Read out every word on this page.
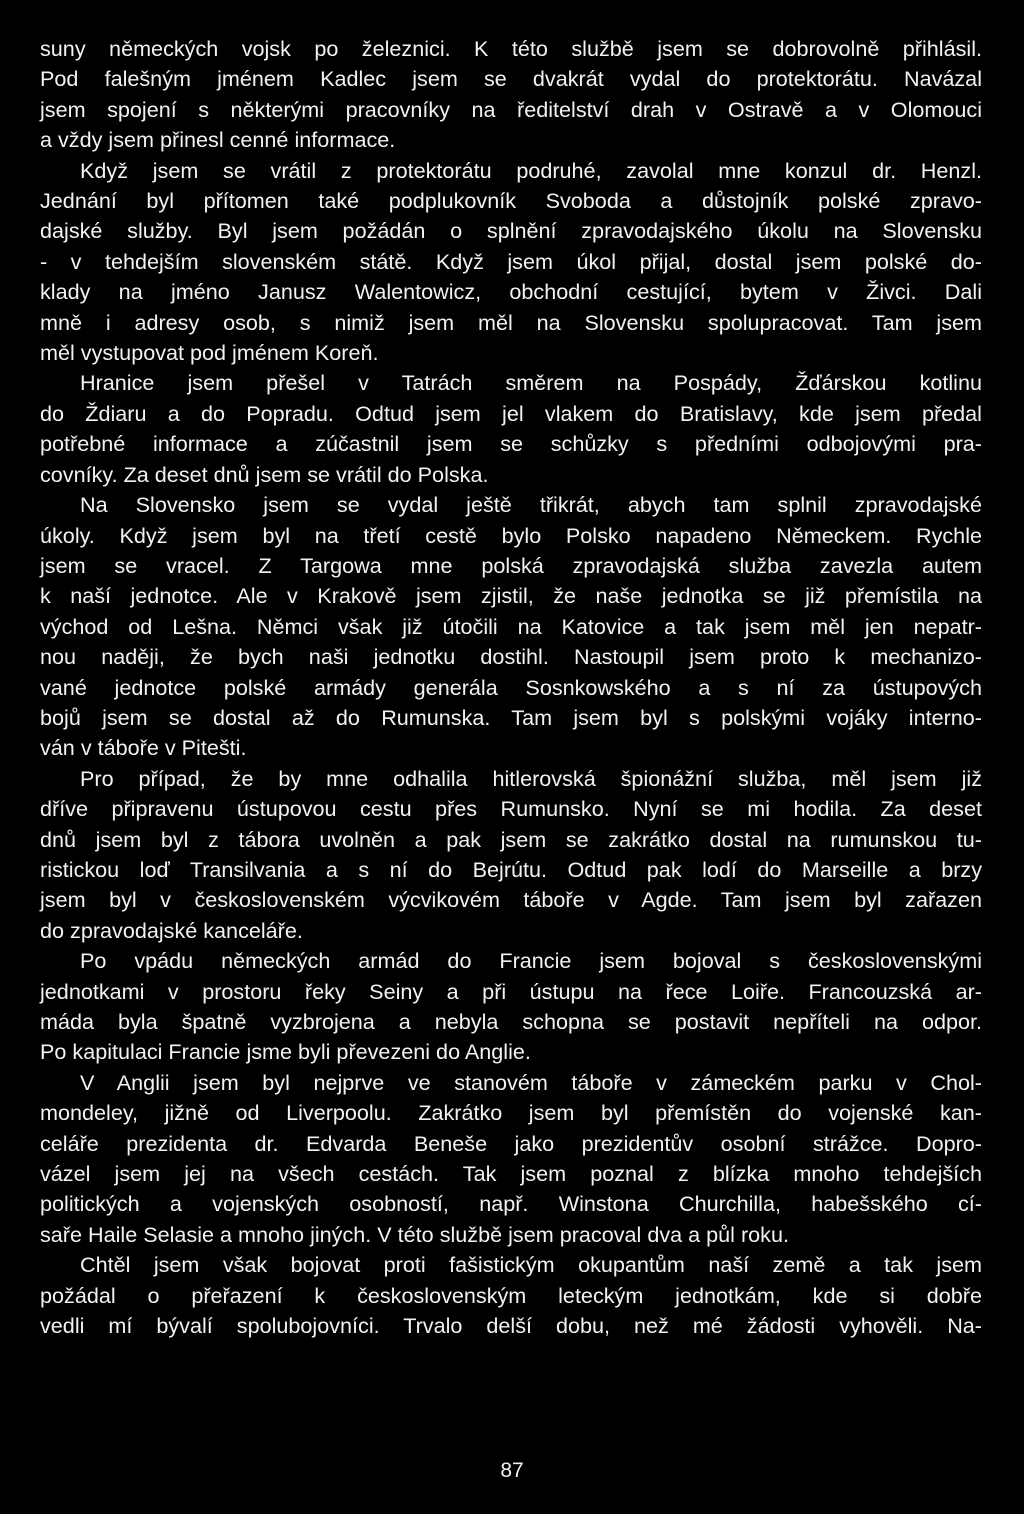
suny německých vojsk po železnici. K této službě jsem se dobrovolně přihlásil.
Pod falešným jménem Kadlec jsem se dvakrát vydal do protektorátu. Navázal
jsem spojení s některými pracovníky na ředitelství drah v Ostravě a v Olomouci
a vždy jsem přinesl cenné informace.
Když jsem se vrátil z protektorátu podruhé, zavolal mne konzul dr. Henzl.
Jednání byl přítomen také podplukovník Svoboda a důstojník polské zpravo-
dajské služby. Byl jsem požádán o splnění zpravodajského úkolu na Slovensku
- v tehdejším slovenském státě. Když jsem úkol přijal, dostal jsem polské do-
klady na jméno Janusz Walentowicz, obchodní cestující, bytem v Živci. Dali
mně i adresy osob, s nimiž jsem měl na Slovensku spolupracovat. Tam jsem
měl vystupovat pod jménem Koreň.
Hranice jsem přešel v Tatrách směrem na Pospády, Žďárskou kotlinu
do Ždiaru a do Popradu. Odtud jsem jel vlakem do Bratislavy, kde jsem předal
potřebné informace a zúčastnil jsem se schůzky s předními odbojovými pra-
covníky. Za deset dnů jsem se vrátil do Polska.
Na Slovensko jsem se vydal ještě třikrát, abych tam splnil zpravodajské
úkoly. Když jsem byl na třetí cestě bylo Polsko napadeno Německem. Rychle
jsem se vracel. Z Targowa mne polská zpravodajská služba zavezla autem
k naší jednotce. Ale v Krakově jsem zjistil, že naše jednotka se již přemístila na
východ od Lešna. Němci však již útočili na Katovice a tak jsem měl jen nepatr-
nou naději, že bych naši jednotku dostihl. Nastoupil jsem proto k mechanizo-
vané jednotce polské armády generála Sosnkowského a s ní za ústupových
bojů jsem se dostal až do Rumunska. Tam jsem byl s polskými vojáky interno-
ván v táboře v Pitešti.
Pro případ, že by mne odhalila hitlerovská špionážní služba, měl jsem již
dříve připravenu ústupovou cestu přes Rumunsko. Nyní se mi hodila. Za deset
dnů jsem byl z tábora uvolněn a pak jsem se zakrátko dostal na rumunskou tu-
ristickou loď Transilvania a s ní do Bejrútu. Odtud pak lodí do Marseille a brzy
jsem byl v československém výcvikovém táboře v Agde. Tam jsem byl zařazen
do zpravodajské kanceláře.
Po vpádu německých armád do Francie jsem bojoval s československými
jednotkami v prostoru řeky Seiny a při ústupu na řece Loiře. Francouzská ar-
máda byla špatně vyzbrojena a nebyla schopna se postavit nepříteli na odpor.
Po kapitulaci Francie jsme byli převezeni do Anglie.
V Anglii jsem byl nejprve ve stanovém táboře v zámeckém parku v Chol-
mondeley, jižně od Liverpoolu. Zakrátko jsem byl přemístěn do vojenské kan-
celáře prezidenta dr. Edvarda Beneše jako prezidentův osobní strážce. Dopro-
vázel jsem jej na všech cestách. Tak jsem poznal z blízka mnoho tehdejších
politických a vojenských osobností, např. Winstona Churchilla, habešského cí-
saře Haile Selasie a mnoho jiných. V této službě jsem pracoval dva a půl roku.
Chtěl jsem však bojovat proti fašistickým okupantům naší země a tak jsem
požádal o přeřazení k československým leteckým jednotkám, kde si dobře
vedli mí bývalí spolubojovníci. Trvalo delší dobu, než mé žádosti vyhověli. Na-
87
